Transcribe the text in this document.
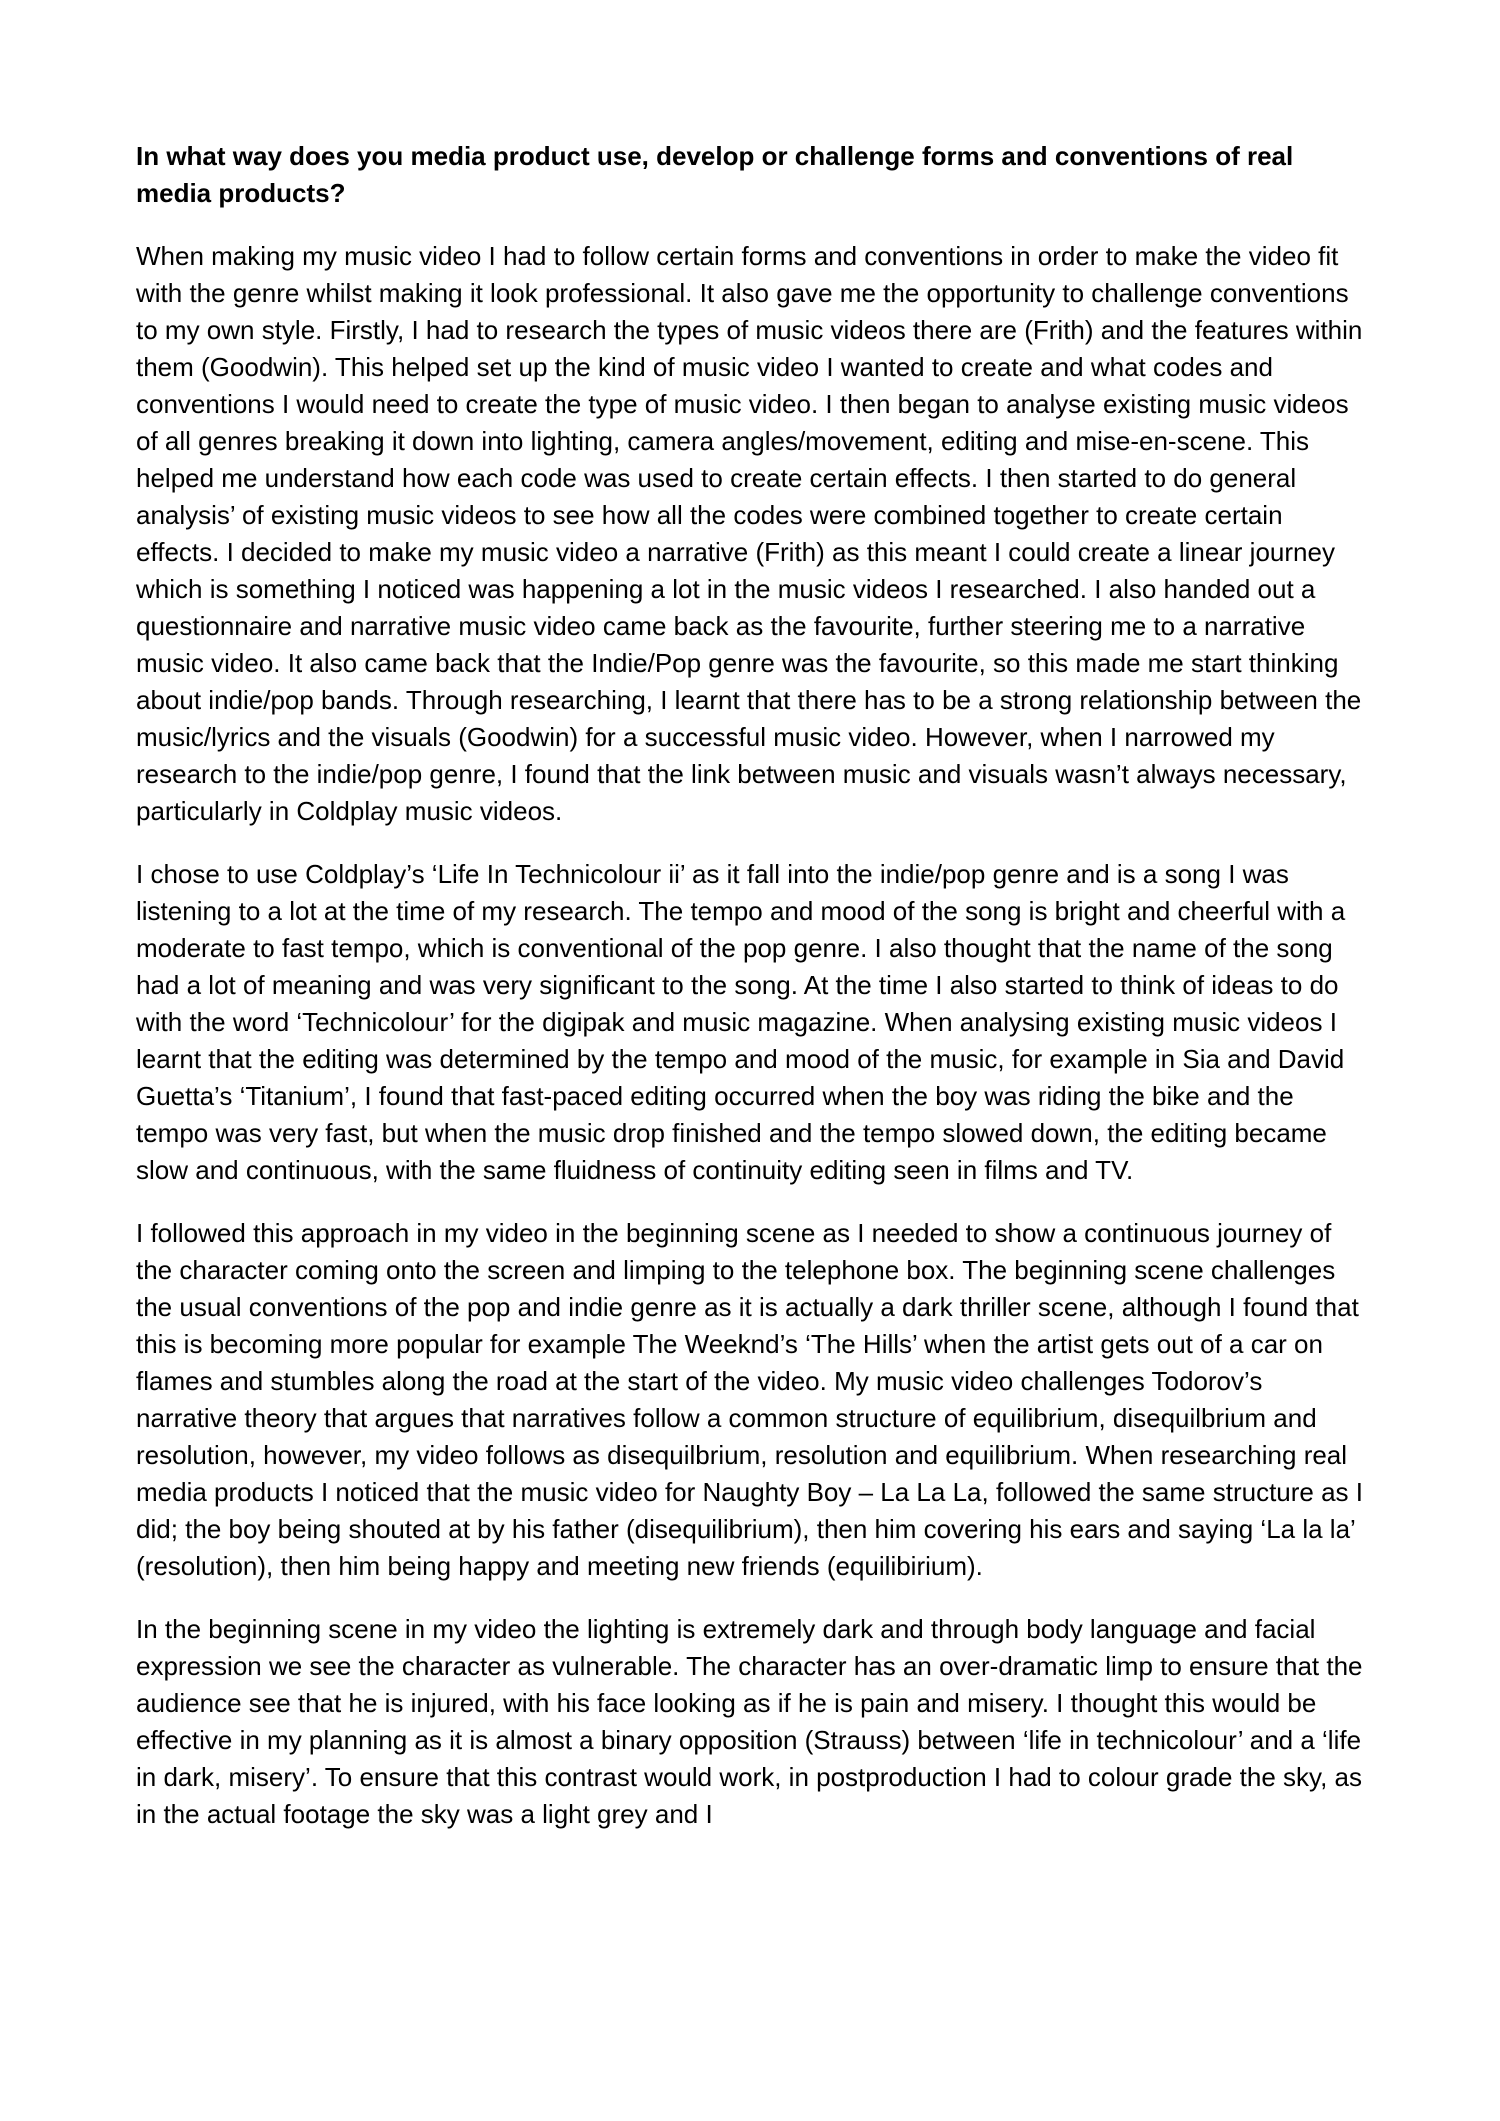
In what way does you media product use, develop or challenge forms and conventions of real media products?

When making my music video I had to follow certain forms and conventions in order to make the video fit with the genre whilst making it look professional. It also gave me the opportunity to challenge conventions to my own style. Firstly, I had to research the types of music videos there are (Frith) and the features within them (Goodwin). This helped set up the kind of music video I wanted to create and what codes and conventions I would need to create the type of music video. I then began to analyse existing music videos of all genres breaking it down into lighting, camera angles/movement, editing and mise-en-scene. This helped me understand how each code was used to create certain effects. I then started to do general analysis’ of existing music videos to see how all the codes were combined together to create certain effects. I decided to make my music video a narrative (Frith) as this meant I could create a linear journey which is something I noticed was happening a lot in the music videos I researched. I also handed out a questionnaire and narrative music video came back as the favourite, further steering me to a narrative music video. It also came back that the Indie/Pop genre was the favourite, so this made me start thinking about indie/pop bands. Through researching, I learnt that there has to be a strong relationship between the music/lyrics and the visuals (Goodwin) for a successful music video. However, when I narrowed my research to the indie/pop genre, I found that the link between music and visuals wasn’t always necessary, particularly in Coldplay music videos.

I chose to use Coldplay’s ‘Life In Technicolour ii’ as it fall into the indie/pop genre and is a song I was listening to a lot at the time of my research. The tempo and mood of the song is bright and cheerful with a moderate to fast tempo, which is conventional of the pop genre. I also thought that the name of the song had a lot of meaning and was very significant to the song. At the time I also started to think of ideas to do with the word ‘Technicolour’ for the digipak and music magazine. When analysing existing music videos I learnt that the editing was determined by the tempo and mood of the music, for example in Sia and David Guetta’s ‘Titanium’, I found that fast-paced editing occurred when the boy was riding the bike and the tempo was very fast, but when the music drop finished and the tempo slowed down, the editing became slow and continuous, with the same fluidness of continuity editing seen in films and TV.

I followed this approach in my video in the beginning scene as I needed to show a continuous journey of the character coming onto the screen and limping to the telephone box. The beginning scene challenges the usual conventions of the pop and indie genre as it is actually a dark thriller scene, although I found that this is becoming more popular for example The Weeknd’s ‘The Hills’ when the artist gets out of a car on flames and stumbles along the road at the start of the video. My music video challenges Todorov’s narrative theory that argues that narratives follow a common structure of equilibrium, disequilbrium and resolution, however, my video follows as disequilbrium, resolution and equilibrium. When researching real media products I noticed that the music video for Naughty Boy – La La La, followed the same structure as I did; the boy being shouted at by his father (disequilibrium), then him covering his ears and saying ‘La la la’ (resolution), then him being happy and meeting new friends (equilibirium).

In the beginning scene in my video the lighting is extremely dark and through body language and facial expression we see the character as vulnerable. The character has an over-dramatic limp to ensure that the audience see that he is injured, with his face looking as if he is pain and misery. I thought this would be effective in my planning as it is almost a binary opposition (Strauss) between ‘life in technicolour’ and a ‘life in dark, misery’. To ensure that this contrast would work, in postproduction I had to colour grade the sky, as in the actual footage the sky was a light grey and I
